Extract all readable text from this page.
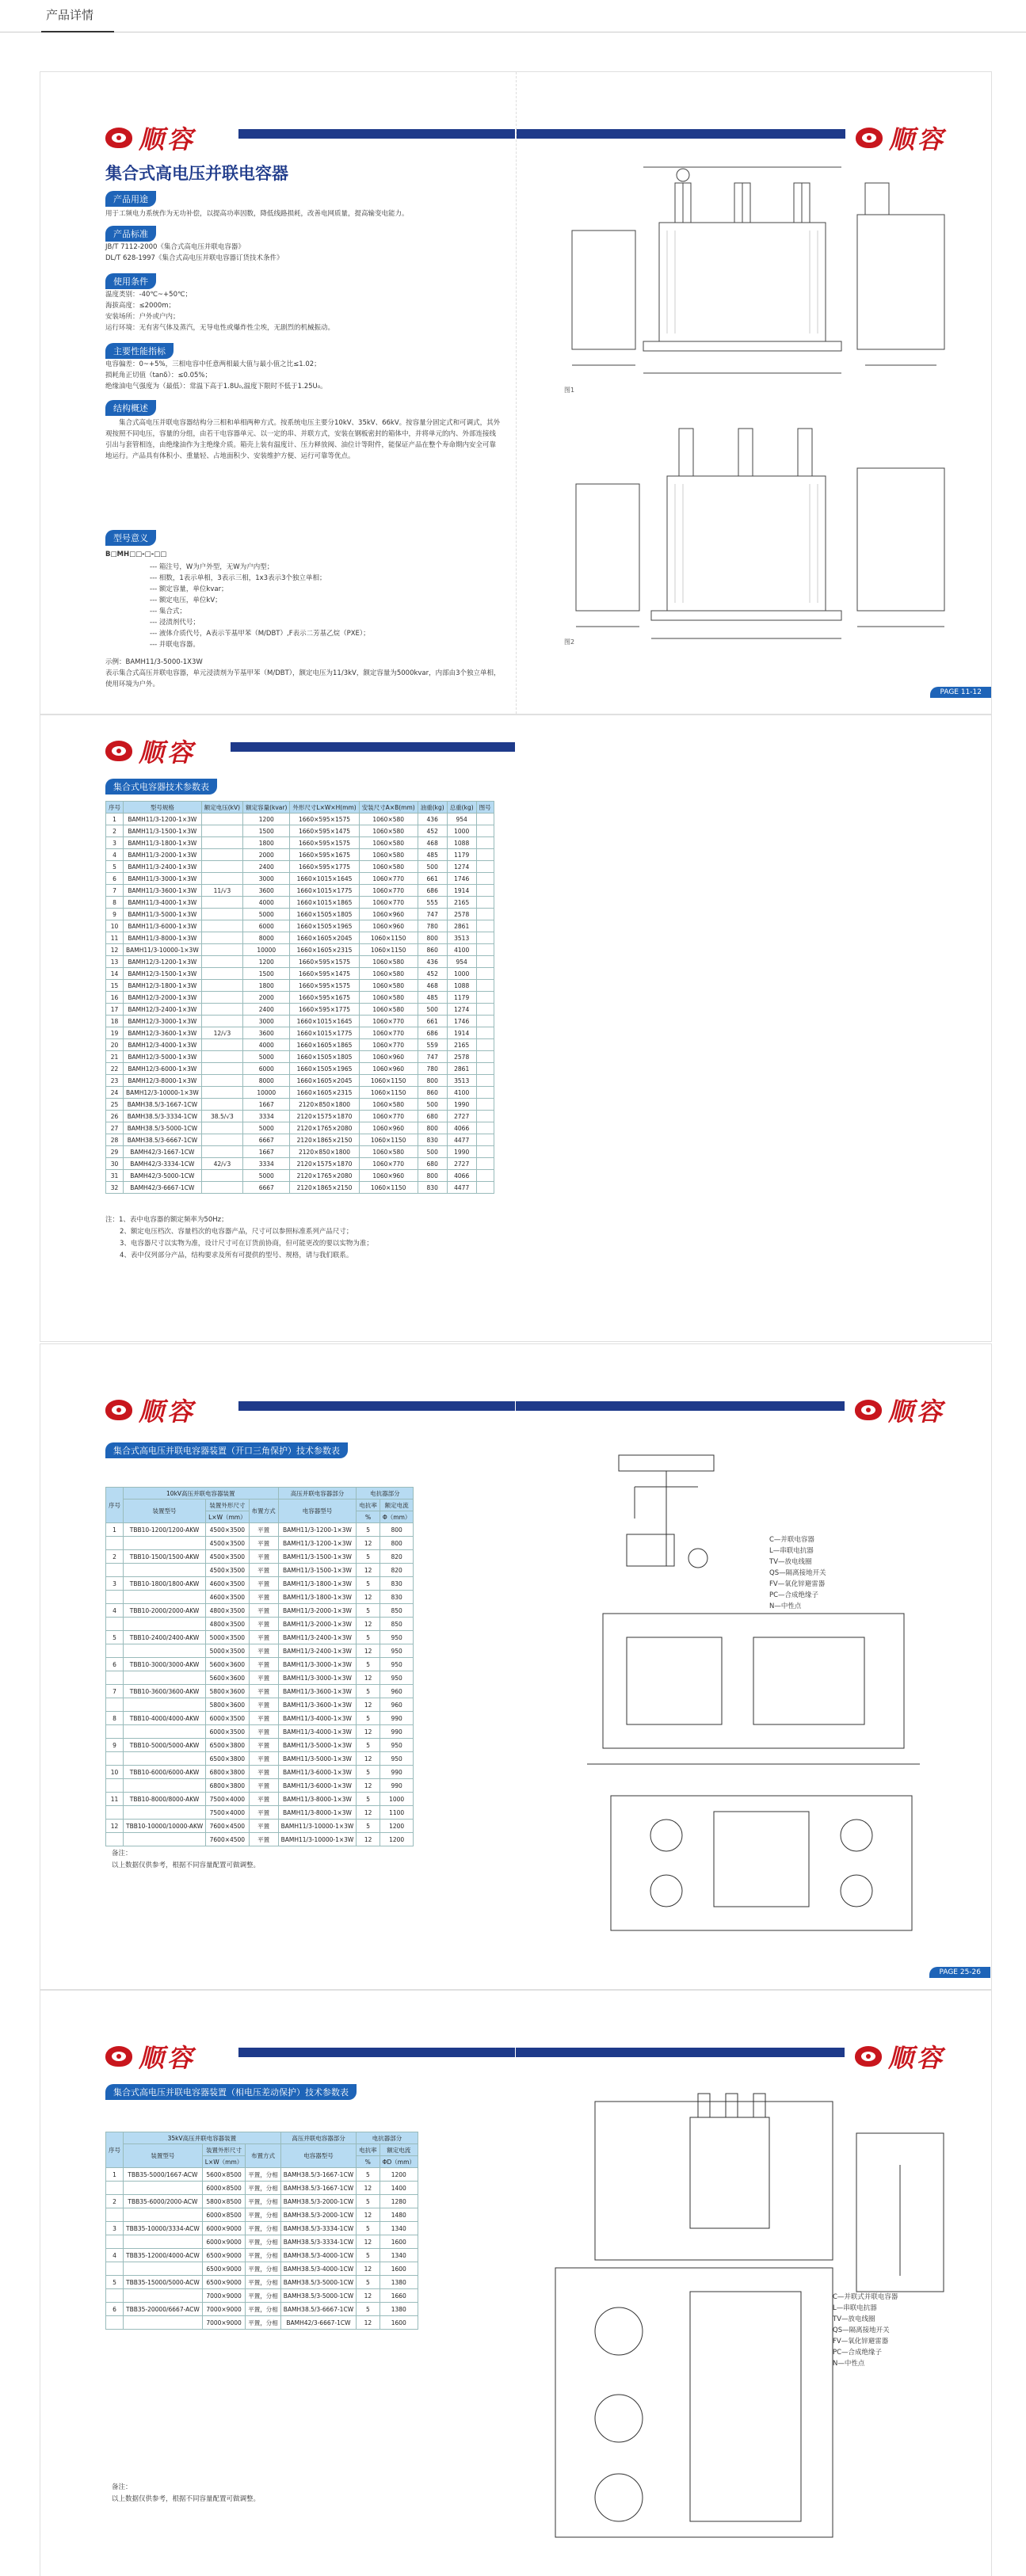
产品详情
顺容
集合式高电压并联电容器
产品用途
用于工频电力系统作为无功补偿，以提高功率因数，降低线路损耗，改善电网质量，提高输变电能力。
产品标准
JB/T 7112-2000《集合式高电压并联电容器》
DL/T 628-1997《集合式高电压并联电容器订货技术条件》
使用条件
温度类别：-40℃~+50℃；
海拔高度：≤2000m；
安装场所：户外或户内；
运行环境：无有害气体及蒸汽，无导电性或爆炸性尘埃，无剧烈的机械振动。
主要性能指标
电容偏差：0~+5%，三相电容中任意两相最大值与最小值之比≤1.02；
损耗角正切值（tanδ）：≤0.05%；
绝缘油电气强度为（最低）：常温下高于1.8U₀,温度下限时不低于1.25U₀。
结构概述
集合式高电压并联电容器结构分三相和单相两种方式。按系统电压主要分10kV、35kV、66kV。按容量分固定式和可调式，其外观按照不同电压，容量的分组，由若干电容器单元、以一定的串、并联方式，安装在钢板密封的箱体中，并将单元的内、外部连接线引出与套管相连，由绝缘油作为主绝缘介质。箱壳上装有温度计、压力释放阀、油位计等附件，能保证产品在整个寿命期内安全可靠地运行。产品具有体积小、重量轻、占地面积少、安装维护方便、运行可靠等优点。
型号意义
B□MH□□-□-□□
--- 箱注号，W为户外型，无W为户内型；
--- 相数，1表示单相，3表示三相，1x3表示3个独立单相；
--- 额定容量，单位kvar；
--- 额定电压，单位kV；
--- 集合式；
--- 浸渍剂代号；
--- 液体介质代号，A表示苄基甲苯（M/DBT）,F表示二芳基乙烷（PXE）；
--- 并联电容器。
示例：BAMH11/3-5000-1X3W
表示集合式高压并联电容器，单元浸渍剂为苄基甲苯（M/DBT），额定电压为11/3kV，额定容量为5000kvar，内部由3个独立单相，使用环境为户外。
顺容
图1
图2
PAGE 11-12
顺容
集合式电容器技术参数表
序号	型号规格	额定电压(kV)	额定容量(kvar)	外形尺寸L×W×H(mm)	安装尺寸A×B(mm)	油重(kg)	总重(kg)	图号
1	BAMH11/3-1200-1×3W		1200	1660×595×1575	1060×580	436	954	
2	BAMH11/3-1500-1×3W		1500	1660×595×1475	1060×580	452	1000	
3	BAMH11/3-1800-1×3W		1800	1660×595×1575	1060×580	468	1088	
4	BAMH11/3-2000-1×3W		2000	1660×595×1675	1060×580	485	1179	
5	BAMH11/3-2400-1×3W		2400	1660×595×1775	1060×580	500	1274	
6	BAMH11/3-3000-1×3W		3000	1660×1015×1645	1060×770	661	1746	
7	BAMH11/3-3600-1×3W	11/√3	3600	1660×1015×1775	1060×770	686	1914	
8	BAMH11/3-4000-1×3W		4000	1660×1015×1865	1060×770	555	2165	
9	BAMH11/3-5000-1×3W		5000	1660×1505×1805	1060×960	747	2578	
10	BAMH11/3-6000-1×3W		6000	1660×1505×1965	1060×960	780	2861	
11	BAMH11/3-8000-1×3W		8000	1660×1605×2045	1060×1150	800	3513	
12	BAMH11/3-10000-1×3W		10000	1660×1605×2315	1060×1150	860	4100	
13	BAMH12/3-1200-1×3W		1200	1660×595×1575	1060×580	436	954	
14	BAMH12/3-1500-1×3W		1500	1660×595×1475	1060×580	452	1000	
15	BAMH12/3-1800-1×3W		1800	1660×595×1575	1060×580	468	1088	
16	BAMH12/3-2000-1×3W		2000	1660×595×1675	1060×580	485	1179	
17	BAMH12/3-2400-1×3W		2400	1660×595×1775	1060×580	500	1274	
18	BAMH12/3-3000-1×3W		3000	1660×1015×1645	1060×770	661	1746	
19	BAMH12/3-3600-1×3W	12/√3	3600	1660×1015×1775	1060×770	686	1914	
20	BAMH12/3-4000-1×3W		4000	1660×1605×1865	1060×770	559	2165	
21	BAMH12/3-5000-1×3W		5000	1660×1505×1805	1060×960	747	2578	
22	BAMH12/3-6000-1×3W		6000	1660×1505×1965	1060×960	780	2861	
23	BAMH12/3-8000-1×3W		8000	1660×1605×2045	1060×1150	800	3513	
24	BAMH12/3-10000-1×3W		10000	1660×1605×2315	1060×1150	860	4100	
25	BAMH38.5/3-1667-1CW		1667	2120×850×1800	1060×580	500	1990	
26	BAMH38.5/3-3334-1CW	38.5/√3	3334	2120×1575×1870	1060×770	680	2727	
27	BAMH38.5/3-5000-1CW		5000	2120×1765×2080	1060×960	800	4066	
28	BAMH38.5/3-6667-1CW		6667	2120×1865×2150	1060×1150	830	4477	
29	BAMH42/3-1667-1CW		1667	2120×850×1800	1060×580	500	1990	
30	BAMH42/3-3334-1CW	42/√3	3334	2120×1575×1870	1060×770	680	2727	
31	BAMH42/3-5000-1CW		5000	2120×1765×2080	1060×960	800	4066	
32	BAMH42/3-6667-1CW		6667	2120×1865×2150	1060×1150	830	4477	
注：1、表中电容器的额定频率为50Hz；
2、额定电压档次、容量档次的电容器产品，尺寸可以参照标准系列产品尺寸；
3、电容器尺寸以实物为准，设计尺寸可在订货前协商，但可能更改的要以实物为准；
4、表中仅列部分产品，结构要求及所有可提供的型号、规格，请与我们联系。
顺容
集合式高电压并联电容器装置（开口三角保护）技术参数表
序号	10kV高压并联电容器装置			高压并联电容器部分	电抗器部分	
	装置型号	装置外形尺寸	布置方式	电容器型号	电抗率	额定电流
		L×W（mm）			%	Φ（mm）
1	TBB10-1200/1200-AKW	4500×3500	平置	BAMH11/3-1200-1×3W	5	800
		4500×3500	平置	BAMH11/3-1200-1×3W	12	800
2	TBB10-1500/1500-AKW	4500×3500	平置	BAMH11/3-1500-1×3W	5	820
		4500×3500	平置	BAMH11/3-1500-1×3W	12	820
3	TBB10-1800/1800-AKW	4600×3500	平置	BAMH11/3-1800-1×3W	5	830
		4600×3500	平置	BAMH11/3-1800-1×3W	12	830
4	TBB10-2000/2000-AKW	4800×3500	平置	BAMH11/3-2000-1×3W	5	850
		4800×3500	平置	BAMH11/3-2000-1×3W	12	850
5	TBB10-2400/2400-AKW	5000×3500	平置	BAMH11/3-2400-1×3W	5	950
		5000×3500	平置	BAMH11/3-2400-1×3W	12	950
6	TBB10-3000/3000-AKW	5600×3600	平置	BAMH11/3-3000-1×3W	5	950
		5600×3600	平置	BAMH11/3-3000-1×3W	12	950
7	TBB10-3600/3600-AKW	5800×3600	平置	BAMH11/3-3600-1×3W	5	960
		5800×3600	平置	BAMH11/3-3600-1×3W	12	960
8	TBB10-4000/4000-AKW	6000×3500	平置	BAMH11/3-4000-1×3W	5	990
		6000×3500	平置	BAMH11/3-4000-1×3W	12	990
9	TBB10-5000/5000-AKW	6500×3800	平置	BAMH11/3-5000-1×3W	5	950
		6500×3800	平置	BAMH11/3-5000-1×3W	12	950
10	TBB10-6000/6000-AKW	6800×3800	平置	BAMH11/3-6000-1×3W	5	990
		6800×3800	平置	BAMH11/3-6000-1×3W	12	990
11	TBB10-8000/8000-AKW	7500×4000	平置	BAMH11/3-8000-1×3W	5	1000
		7500×4000	平置	BAMH11/3-8000-1×3W	12	1100
12	TBB10-10000/10000-AKW	7600×4500	平置	BAMH11/3-10000-1×3W	5	1200
		7600×4500	平置	BAMH11/3-10000-1×3W	12	1200
备注：
以上数据仅供参考，根据不同容量配置可做调整。
顺容
C—并联电容器
L—串联电抗器
TV—放电线圈
QS—隔离接地开关
FV—氧化锌避雷器
PC—合成绝缘子
N—中性点
PAGE 25-26
顺容
集合式高电压并联电容器装置（相电压差动保护）技术参数表
序号	35kV高压并联电容器装置			高压并联电容器部分	电抗器部分	
	装置型号	装置外形尺寸	布置方式	电容器型号	电抗率	额定电流
		L×W（mm）			%	ΦD（mm）
1	TBB35-5000/1667-ACW	5600×8500	平置，分相	BAMH38.5/3-1667-1CW	5	1200
		6000×8500	平置，分相	BAMH38.5/3-1667-1CW	12	1400
2	TBB35-6000/2000-ACW	5800×8500	平置，分相	BAMH38.5/3-2000-1CW	5	1280
		6000×8500	平置，分相	BAMH38.5/3-2000-1CW	12	1480
3	TBB35-10000/3334-ACW	6000×9000	平置，分相	BAMH38.5/3-3334-1CW	5	1340
		6000×9000	平置，分相	BAMH38.5/3-3334-1CW	12	1600
4	TBB35-12000/4000-ACW	6500×9000	平置，分相	BAMH38.5/3-4000-1CW	5	1340
		6500×9000	平置，分相	BAMH38.5/3-4000-1CW	12	1600
5	TBB35-15000/5000-ACW	6500×9000	平置，分相	BAMH38.5/3-5000-1CW	5	1380
		7000×9000	平置，分相	BAMH38.5/3-5000-1CW	12	1660
6	TBB35-20000/6667-ACW	7000×9000	平置，分相	BAMH38.5/3-6667-1CW	5	1380
		7000×9000	平置，分相	BAMH42/3-6667-1CW	12	1600
备注：
以上数据仅供参考，根据不同容量配置可做调整。
顺容
C—并联式并联电容器
L—串联电抗器
TV—放电线圈
QS—隔离接地开关
FV—氧化锌避雷器
PC—合成绝缘子
N—中性点
